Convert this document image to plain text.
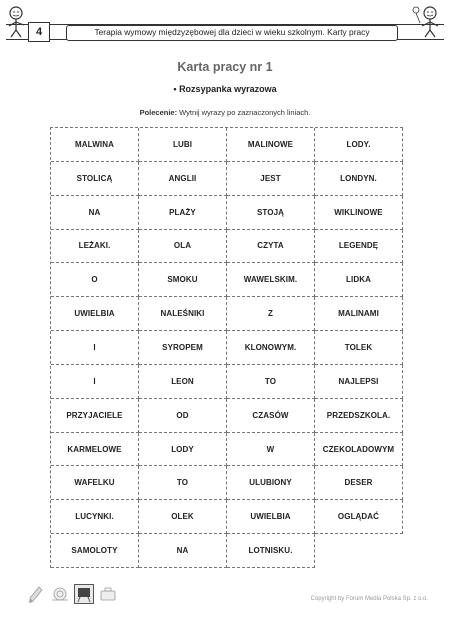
4	Terapia wymowy międzyzębowej dla dzieci w wieku szkolnym. Karty pracy
Karta pracy nr 1
• Rozsypanka wyrazowa
Polecenie: Wytnij wyrazy po zaznaczonych liniach.
MALWINA	LUBI	MALINOWE	LODY.
STOLICĄ	ANGLII	JEST	LONDYN.
NA	PLAŻY	STOJĄ	WIKLINOWE
LEŻAKI.	OLA	CZYTA	LEGENDĘ
O	SMOKU	WAWELSKIM.	LIDKA
UWIELBIA	NALEŚNIKI	Z	MALINAMI
I	SYROPEM	KLONOWYM.	TOLEK
I	LEON	TO	NAJLEPSI
PRZYJACIELE	OD	CZASÓW	PRZEDSZKOLA.
KARMELOWE	LODY	W	CZEKOLADOWYM
WAFELKU	TO	ULUBIONY	DESER
LUCYNKI.	OLEK	UWIELBIA	OGLĄDAĆ
SAMOLOTY	NA	LOTNISKU.
Copyright by Forum Media Polska Sp. z o.o.
